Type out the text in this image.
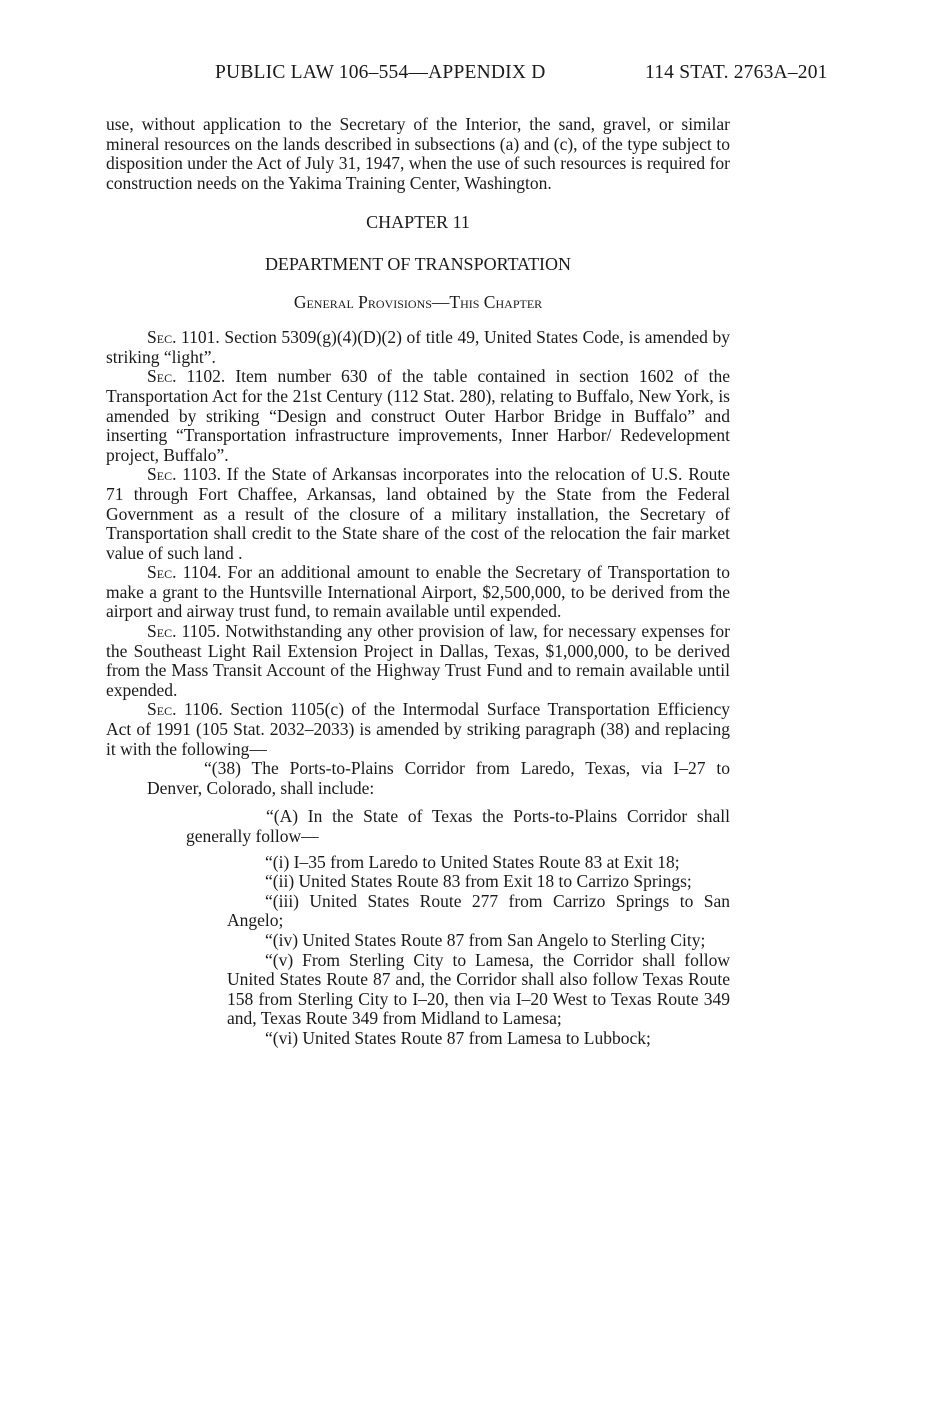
PUBLIC LAW 106–554—APPENDIX D	114 STAT. 2763A–201

use, without application to the Secretary of the Interior, the sand, gravel, or similar mineral resources on the lands described in subsections (a) and (c), of the type subject to disposition under the Act of July 31, 1947, when the use of such resources is required for construction needs on the Yakima Training Center, Washington.

CHAPTER 11

DEPARTMENT OF TRANSPORTATION

General Provisions—This Chapter

Sec. 1101. Section 5309(g)(4)(D)(2) of title 49, United States Code, is amended by striking “light”.

Sec. 1102. Item number 630 of the table contained in section 1602 of the Transportation Act for the 21st Century (112 Stat. 280), relating to Buffalo, New York, is amended by striking “Design and construct Outer Harbor Bridge in Buffalo” and inserting “Transportation infrastructure improvements, Inner Harbor/ Redevelopment project, Buffalo”.

Sec. 1103. If the State of Arkansas incorporates into the relocation of U.S. Route 71 through Fort Chaffee, Arkansas, land obtained by the State from the Federal Government as a result of the closure of a military installation, the Secretary of Transportation shall credit to the State share of the cost of the relocation the fair market value of such land .

Sec. 1104. For an additional amount to enable the Secretary of Transportation to make a grant to the Huntsville International Airport, $2,500,000, to be derived from the airport and airway trust fund, to remain available until expended.

Sec. 1105. Notwithstanding any other provision of law, for necessary expenses for the Southeast Light Rail Extension Project in Dallas, Texas, $1,000,000, to be derived from the Mass Transit Account of the Highway Trust Fund and to remain available until expended.

Sec. 1106. Section 1105(c) of the Intermodal Surface Transportation Efficiency Act of 1991 (105 Stat. 2032–2033) is amended by striking paragraph (38) and replacing it with the following—

“(38) The Ports-to-Plains Corridor from Laredo, Texas, via I–27 to Denver, Colorado, shall include:

“(A) In the State of Texas the Ports-to-Plains Corridor shall generally follow—

“(i) I–35 from Laredo to United States Route 83 at Exit 18;

“(ii) United States Route 83 from Exit 18 to Carrizo Springs;

“(iii) United States Route 277 from Carrizo Springs to San Angelo;

“(iv) United States Route 87 from San Angelo to Sterling City;

“(v) From Sterling City to Lamesa, the Corridor shall follow United States Route 87 and, the Corridor shall also follow Texas Route 158 from Sterling City to I–20, then via I–20 West to Texas Route 349 and, Texas Route 349 from Midland to Lamesa;

“(vi) United States Route 87 from Lamesa to Lubbock;
